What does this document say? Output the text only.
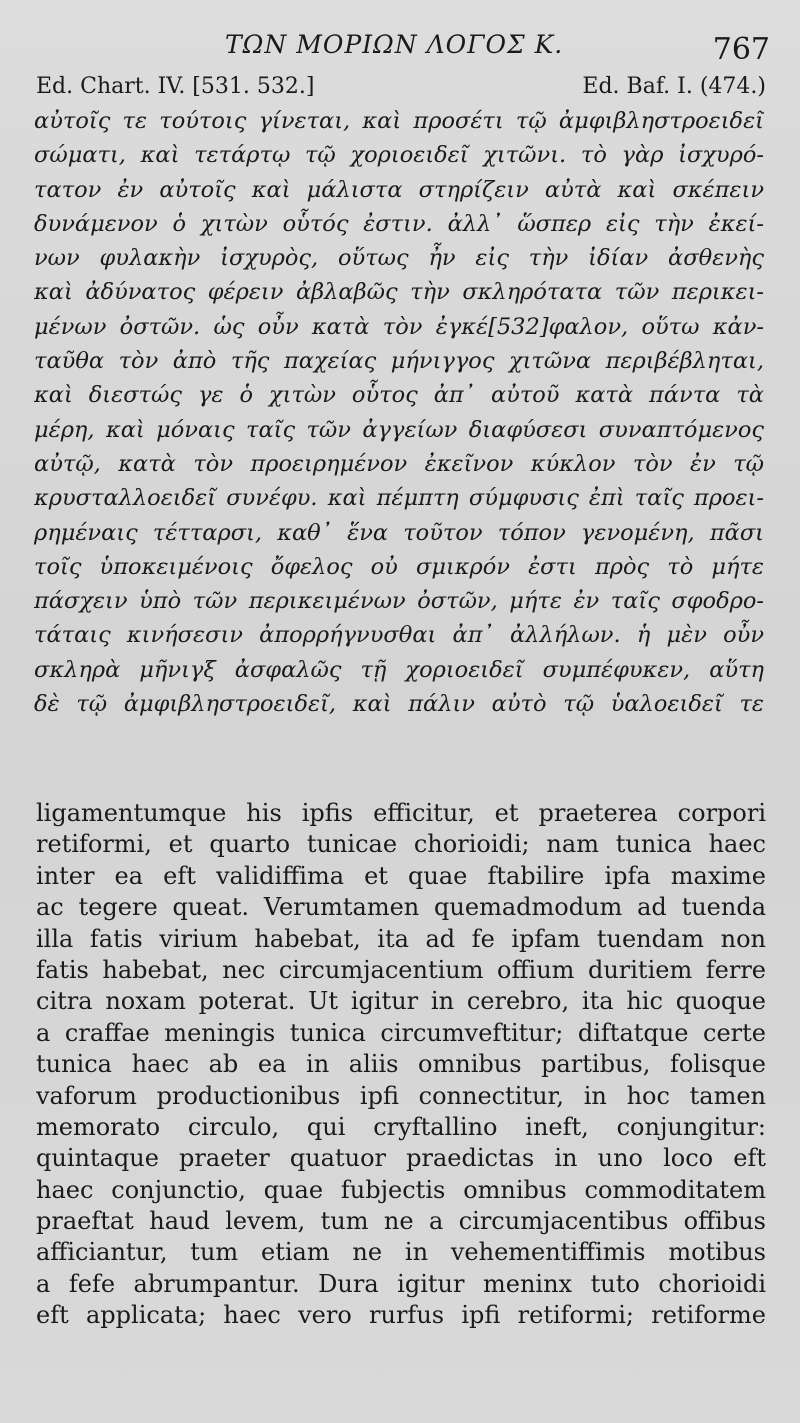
ΤΩΝ ΜΟΡΙΩΝ ΛΟΓΟΣ Κ.	767
Ed. Chart. IV. [531. 532.]	Ed. Baf. I. (474.)
αὐτοῖς τε τούτοις γίνεται, καὶ προσέτι τῷ ἀμφιβληστροειδεῖ
σώματι, καὶ τετάρτῳ τῷ χοριοειδεῖ χιτῶνι. τὸ γὰρ ἰσχυρό-
τατον ἐν αὐτοῖς καὶ μάλιστα στηρίζειν αὐτὰ καὶ σκέπειν
δυνάμενον ὁ χιτὼν οὗτός ἐστιν. ἀλλ᾿ ὥσπερ εἰς τὴν ἐκεί-
νων φυλακὴν ἰσχυρὸς, οὕτως ἦν εἰς τὴν ἰδίαν ἀσθενὴς
καὶ ἀδύνατος φέρειν ἀβλαβῶς τὴν σκληρότατα τῶν περικει-
μένων ὀστῶν. ὡς οὖν κατὰ τὸν ἐγκέ[532]φαλον, οὕτω κἀν-
ταῦθα τὸν ἀπὸ τῆς παχείας μήνιγγος χιτῶνα περιβέβληται,
καὶ διεστώς γε ὁ χιτὼν οὗτος ἀπ᾿ αὐτοῦ κατὰ πάντα τὰ
μέρη, καὶ μόναις ταῖς τῶν ἀγγείων διαφύσεσι συναπτόμενος
αὐτῷ, κατὰ τὸν προειρημένον ἐκεῖνον κύκλον τὸν ἐν τῷ
κρυσταλλοειδεῖ συνέφυ. καὶ πέμπτη σύμφυσις ἐπὶ ταῖς προει-
ρημέναις τέτταρσι, καθ᾿ ἕνα τοῦτον τόπον γενομένη, πᾶσι
τοῖς ὑποκειμένοις ὄφελος οὐ σμικρόν ἐστι πρὸς τὸ μήτε
πάσχειν ὑπὸ τῶν περικειμένων ὀστῶν, μήτε ἐν ταῖς σφοδρο-
τάταις κινήσεσιν ἀπορρήγνυσθαι ἀπ᾿ ἀλλήλων. ἡ μὲν οὖν
σκληρὰ μῆνιγξ ἀσφαλῶς τῇ χοριοειδεῖ συμπέφυκεν, αὕτη
δὲ τῷ ἀμφιβληστροειδεῖ, καὶ πάλιν αὐτὸ τῷ ὑαλοειδεῖ τε
ligamentumque his ipfis efficitur, et praeterea corpori
retiformi, et quarto tunicae chorioidi; nam tunica haec
inter ea eft validiffima et quae ftabilire ipfa maxime
ac tegere queat. Verumtamen quemadmodum ad tuenda
illa fatis virium habebat, ita ad fe ipfam tuendam non
fatis habebat, nec circumjacentium offium duritiem ferre
citra noxam poterat. Ut igitur in cerebro, ita hic quoque
a craffae meningis tunica circumveftitur; diftatque certe
tunica haec ab ea in aliis omnibus partibus, folisque
vaforum productionibus ipfi connectitur, in hoc tamen
memorato circulo, qui cryftallino ineft, conjungitur:
quintaque praeter quatuor praedictas in uno loco eft
haec conjunctio, quae fubjectis omnibus commoditatem
praeftat haud levem, tum ne a circumjacentibus offibus
afficiantur, tum etiam ne in vehementiffimis motibus
a fefe abrumpantur. Dura igitur meninx tuto chorioidi
eft applicata; haec vero rurfus ipfi retiformi; retiforme
